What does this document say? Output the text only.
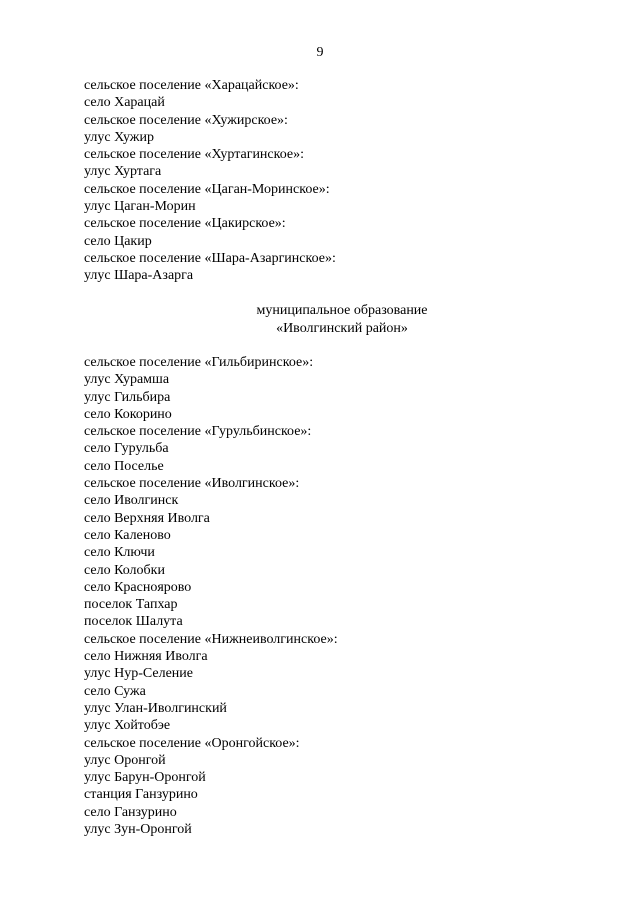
9
сельское поселение «Харацайское»:
село Харацай
сельское поселение «Хужирское»:
улус Хужир
сельское поселение «Хуртагинское»:
улус Хуртага
сельское поселение «Цаган-Моринское»:
улус Цаган-Морин
сельское поселение «Цакирское»:
село Цакир
сельское поселение «Шара-Азаргинское»:
улус Шара-Азарга
муниципальное образование
«Иволгинский район»
сельское поселение «Гильбиринское»:
улус Хурамша
улус Гильбира
село Кокорино
сельское поселение «Гурульбинское»:
село Гурульба
село Поселье
сельское поселение «Иволгинское»:
село Иволгинск
село Верхняя Иволга
село Каленово
село Ключи
село Колобки
село Краснoярово
поселок Тапхар
поселок Шалута
сельское поселение «Нижнеиволгинское»:
село Нижняя Иволга
улус Нур-Селение
село Сужа
улус Улан-Иволгинский
улус Хойтобэе
сельское поселение «Оронгойское»:
улус Оронгой
улус Барун-Оронгой
станция Ганзурино
село Ганзурино
улус Зун-Оронгой
